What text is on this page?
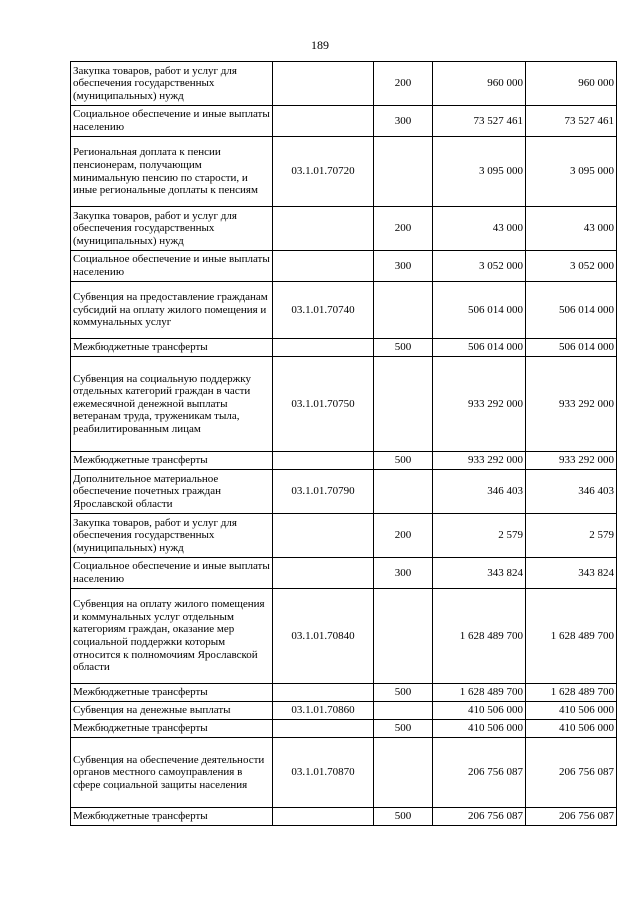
189
Закупка товаров, работ и услуг для обеспечения государственных (муниципальных) нужд		200	960 000	960 000
Социальное обеспечение и иные выплаты населению		300	73 527 461	73 527 461
Региональная доплата к пенсии пенсионерам, получающим минимальную пенсию по старости, и иные региональные доплаты к пенсиям	03.1.01.70720		3 095 000	3 095 000
Закупка товаров, работ и услуг для обеспечения государственных (муниципальных) нужд		200	43 000	43 000
Социальное обеспечение и иные выплаты населению		300	3 052 000	3 052 000
Субвенция на предоставление гражданам субсидий на оплату жилого помещения и коммунальных услуг	03.1.01.70740		506 014 000	506 014 000
Межбюджетные трансферты		500	506 014 000	506 014 000
Субвенция на социальную поддержку отдельных категорий граждан в части ежемесячной денежной выплаты ветеранам труда, труженикам тыла, реабилитированным лицам	03.1.01.70750		933 292 000	933 292 000
Межбюджетные трансферты		500	933 292 000	933 292 000
Дополнительное материальное обеспечение почетных граждан Ярославской области	03.1.01.70790		346 403	346 403
Закупка товаров, работ и услуг для обеспечения государственных (муниципальных) нужд		200	2 579	2 579
Социальное обеспечение и иные выплаты населению		300	343 824	343 824
Субвенция на оплату жилого помещения и коммунальных услуг отдельным категориям граждан, оказание мер социальной поддержки которым относится к полномочиям Ярославской области	03.1.01.70840		1 628 489 700	1 628 489 700
Межбюджетные трансферты		500	1 628 489 700	1 628 489 700
Субвенция на денежные выплаты	03.1.01.70860		410 506 000	410 506 000
Межбюджетные трансферты		500	410 506 000	410 506 000
Субвенция на обеспечение деятельности органов местного самоуправления в сфере социальной защиты населения	03.1.01.70870		206 756 087	206 756 087
Межбюджетные трансферты		500	206 756 087	206 756 087
